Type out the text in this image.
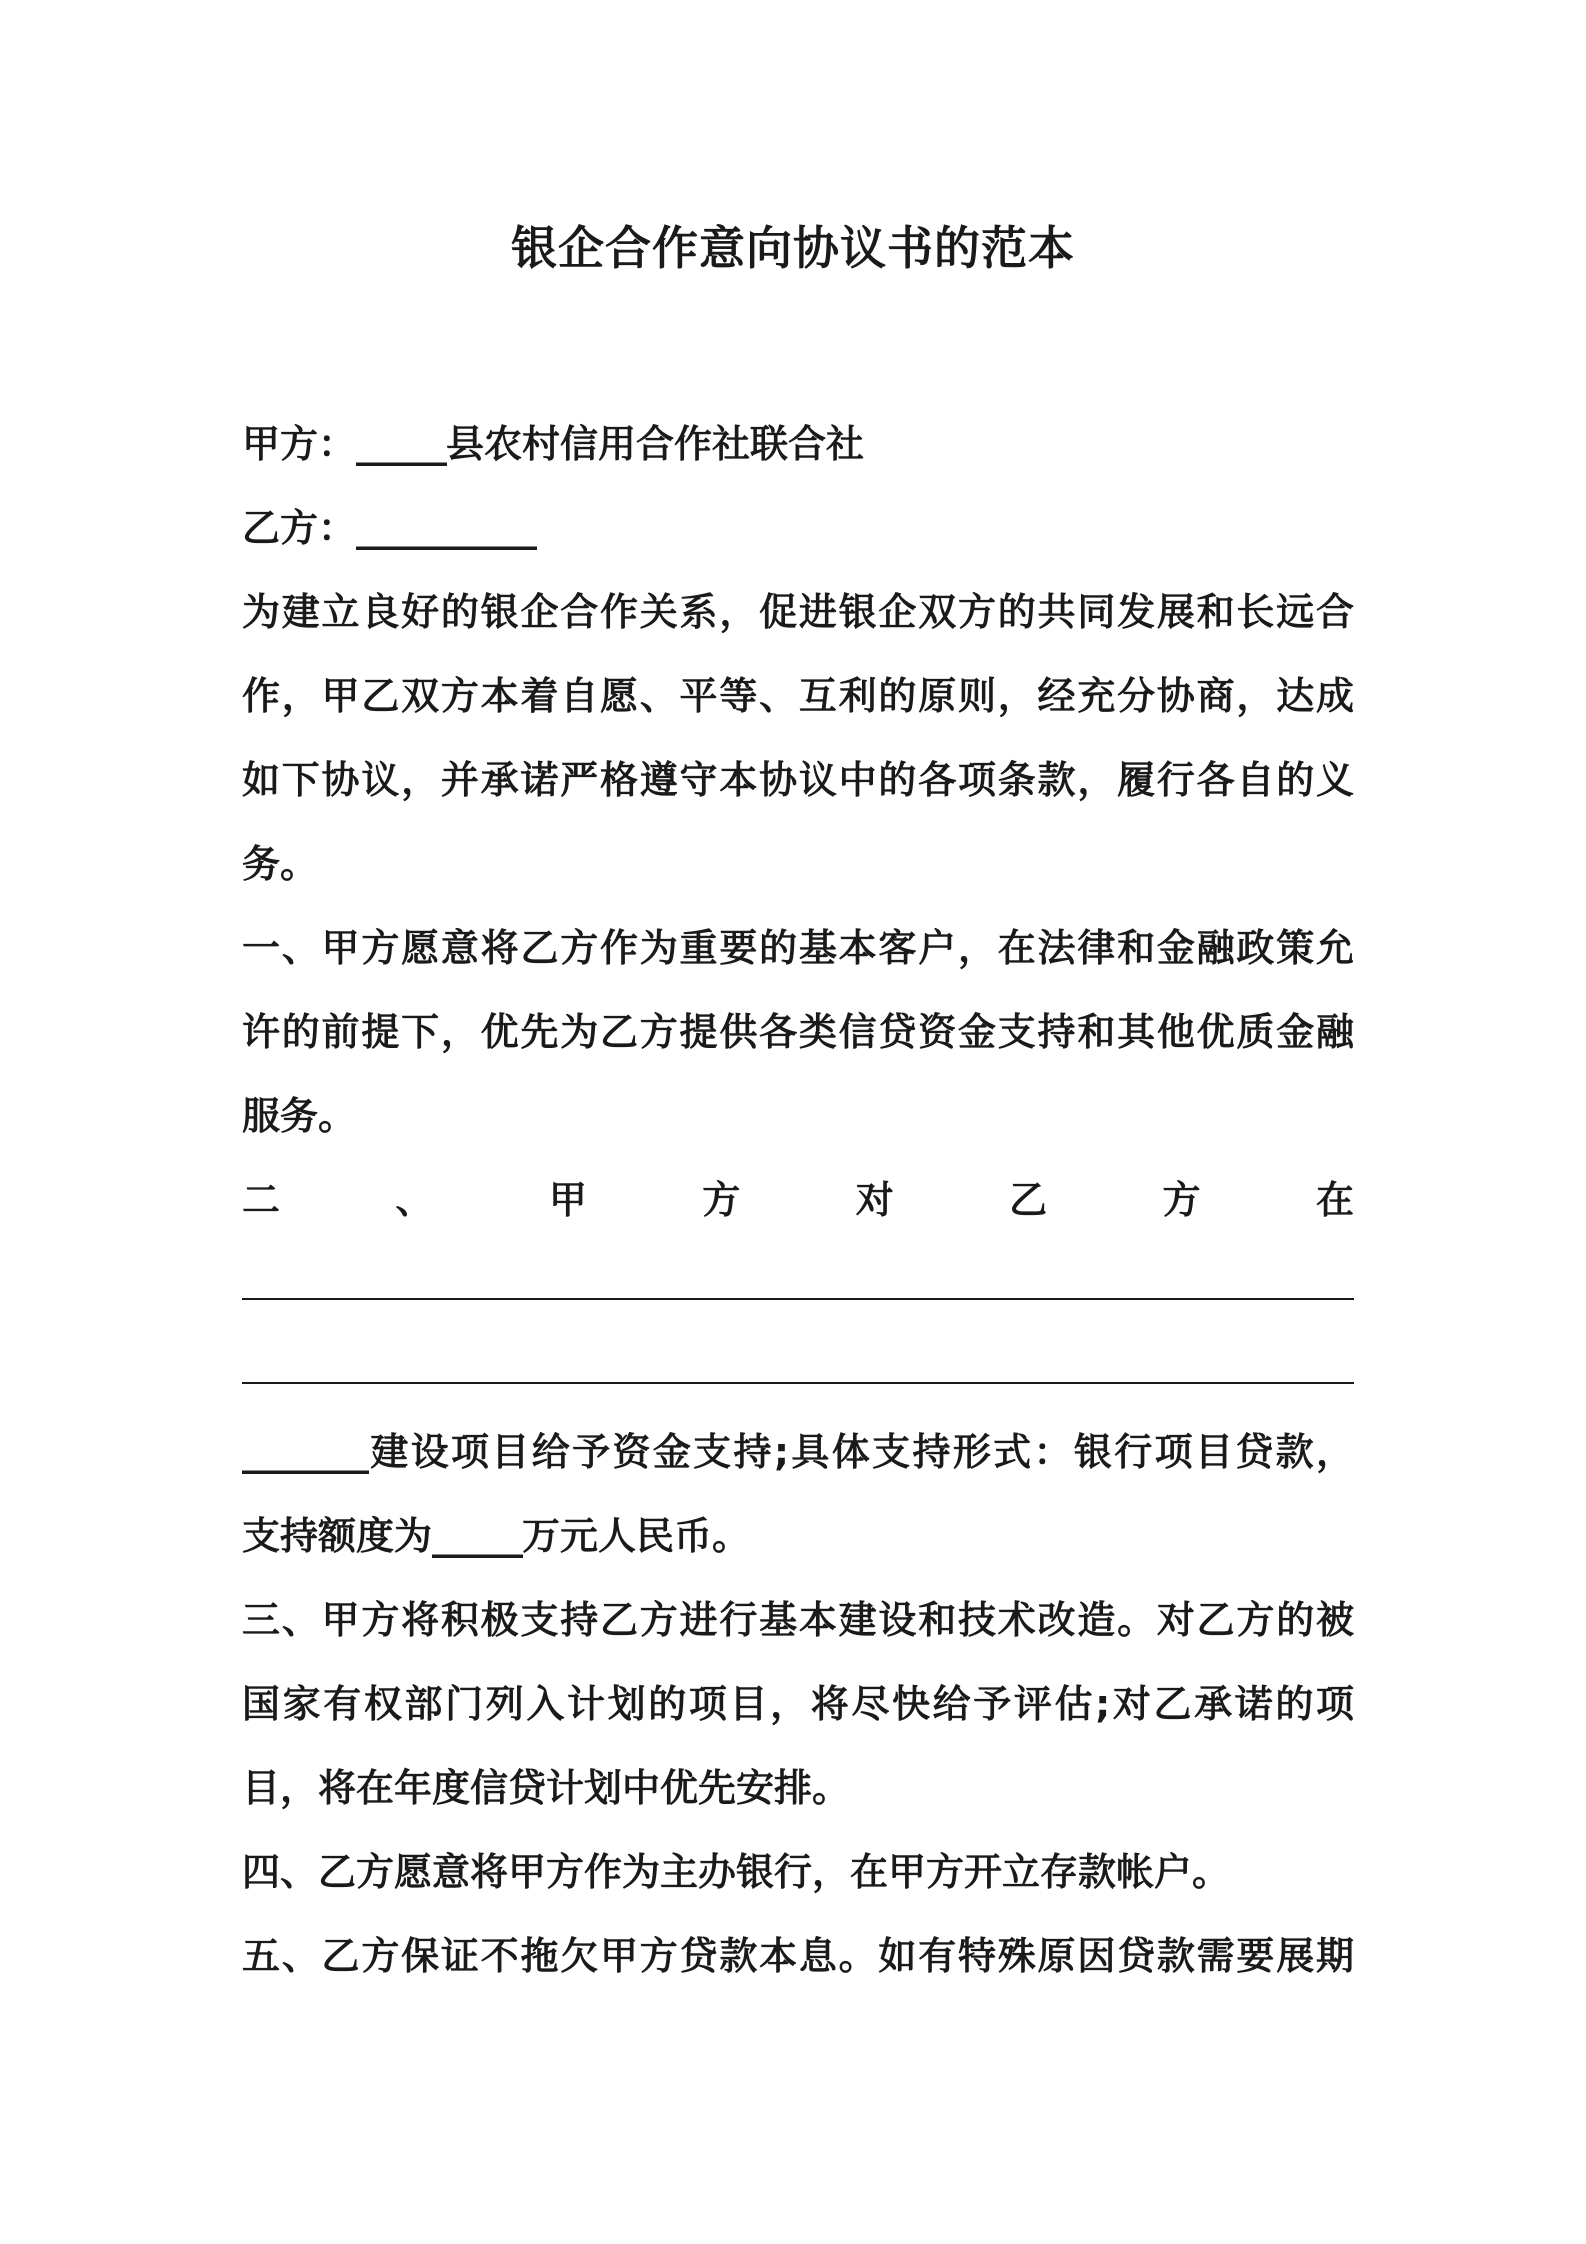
银企合作意向协议书的范本
甲方：_____县农村信用合作社联合社
乙方：__________
为建立良好的银企合作关系，促进银企双方的共同发展和长远合
作，甲乙双方本着自愿、平等、互利的原则，经充分协商，达成
如下协议，并承诺严格遵守本协议中的各项条款，履行各自的义
务。
一、甲方愿意将乙方作为重要的基本客户，在法律和金融政策允
许的前提下，优先为乙方提供各类信贷资金支持和其他优质金融
服务。
二	、	甲	方	对	乙	方	在
_______建设项目给予资金支持;具体支持形式：银行项目贷款，
支持额度为_____万元人民币。
三、甲方将积极支持乙方进行基本建设和技术改造。对乙方的被
国家有权部门列入计划的项目，将尽快给予评估;对乙承诺的项
目，将在年度信贷计划中优先安排。
四、乙方愿意将甲方作为主办银行，在甲方开立存款帐户。
五、乙方保证不拖欠甲方贷款本息。如有特殊原因贷款需要展期
